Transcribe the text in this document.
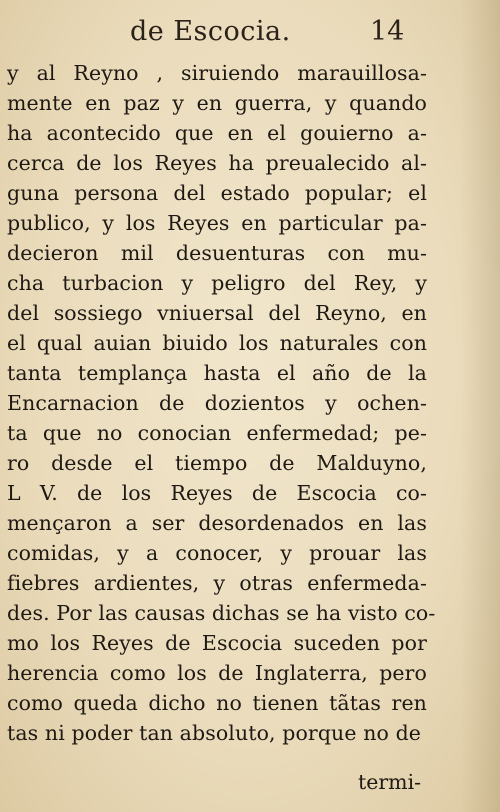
de Escocia.	14
y al Reyno , siruiendo marauillosa-
mente en paz y en guerra, y quando
ha acontecido que en el gouierno a-
cerca de los Reyes ha preualecido al-
guna persona del estado popular; el
publico, y los Reyes en particular pa-
decieron mil desuenturas con mu-
cha turbacion y peligro del Rey, y
del sossiego vniuersal del Reyno, en
el qual auian biuido los naturales con
tanta templança hasta el año de la
Encarnacion de dozientos y ochen-
ta que no conocian enfermedad; pe-
ro desde el tiempo de Malduyno,
L V. de los Reyes de Escocia co-
mençaron a ser desordenados en las
comidas, y a conocer, y prouar las
fiebres ardientes, y otras enfermeda-
des. Por las causas dichas se ha visto co-
mo los Reyes de Escocia suceden por
herencia como los de Inglaterra, pero
como queda dicho no tienen tãtas ren
tas ni poder tan absoluto, porque no de
termi-
